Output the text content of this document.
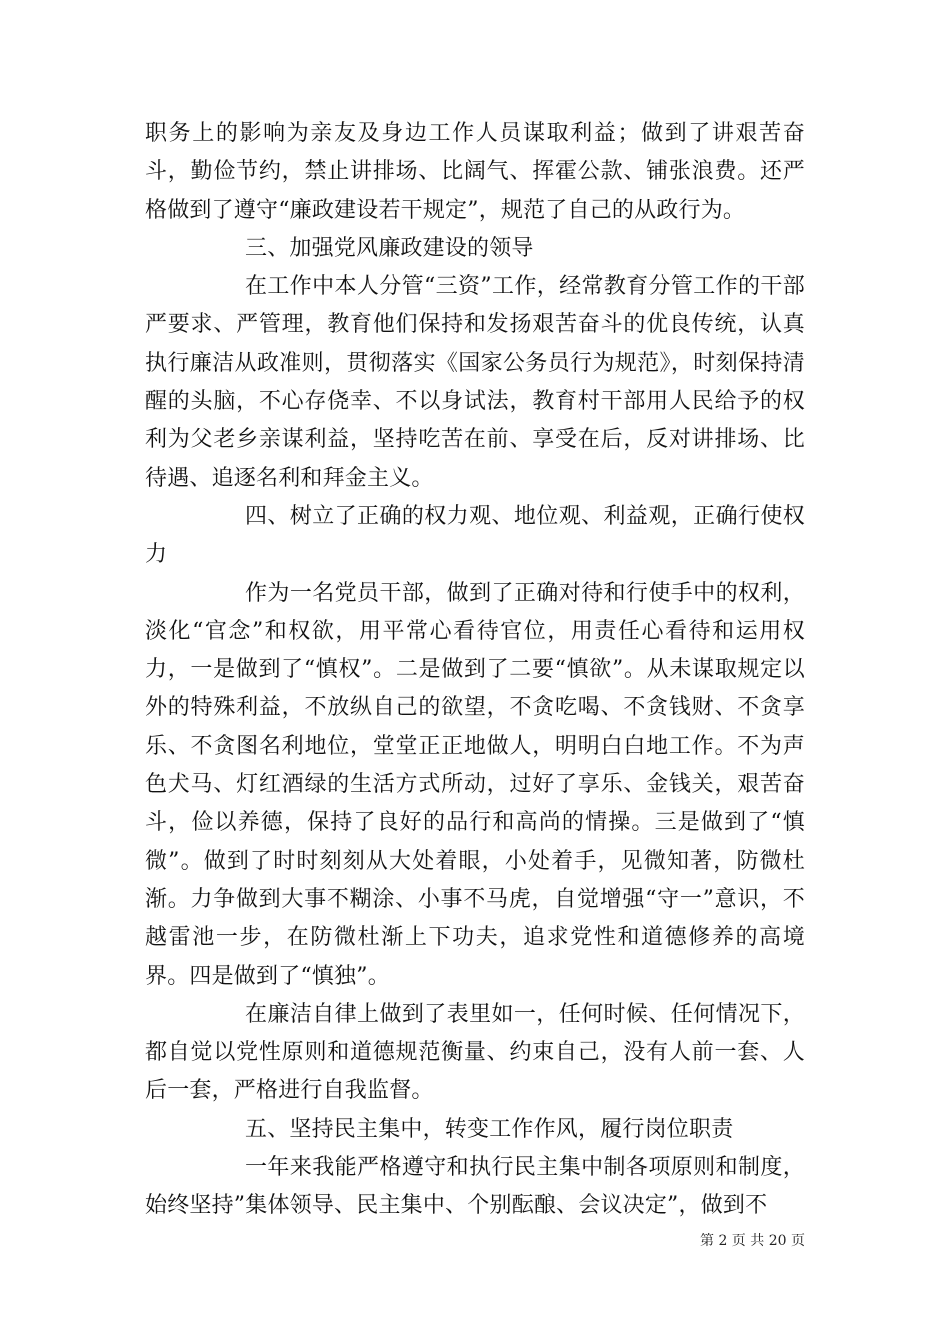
职务上的影响为亲友及身边工作人员谋取利益；做到了讲艰苦奋斗，勤俭节约，禁止讲排场、比阔气、挥霍公款、铺张浪费。还严格做到了遵守“廉政建设若干规定”，规范了自己的从政行为。

三、加强党风廉政建设的领导

在工作中本人分管“三资”工作，经常教育分管工作的干部严要求、严管理，教育他们保持和发扬艰苦奋斗的优良传统，认真执行廉洁从政准则，贯彻落实《国家公务员行为规范》，时刻保持清醒的头脑，不心存侥幸、不以身试法，教育村干部用人民给予的权利为父老乡亲谋利益，坚持吃苦在前、享受在后，反对讲排场、比待遇、追逐名利和拜金主义。

四、树立了正确的权力观、地位观、利益观，正确行使权力

作为一名党员干部，做到了正确对待和行使手中的权利，淡化“官念”和权欲，用平常心看待官位，用责任心看待和运用权力，一是做到了“慎权”。二是做到了二要“慎欲”。从未谋取规定以外的特殊利益，不放纵自己的欲望，不贪吃喝、不贪钱财、不贪享乐、不贪图名利地位，堂堂正正地做人，明明白白地工作。不为声色犬马、灯红酒绿的生活方式所动，过好了享乐、金钱关，艰苦奋斗，俭以养德，保持了良好的品行和高尚的情操。三是做到了“慎微”。做到了时时刻刻从大处着眼，小处着手，见微知著，防微杜渐。力争做到大事不糊涂、小事不马虎，自觉增强“守一”意识，不越雷池一步，在防微杜渐上下功夫，追求党性和道德修养的高境界。四是做到了“慎独”。

在廉洁自律上做到了表里如一，任何时候、任何情况下，都自觉以党性原则和道德规范衡量、约束自己，没有人前一套、人后一套，严格进行自我监督。

五、坚持民主集中，转变工作作风，履行岗位职责

一年来我能严格遵守和执行民主集中制各项原则和制度，始终坚持”集体领导、民主集中、个别酝酿、会议决定”，做到不

第 2 页 共 20 页
